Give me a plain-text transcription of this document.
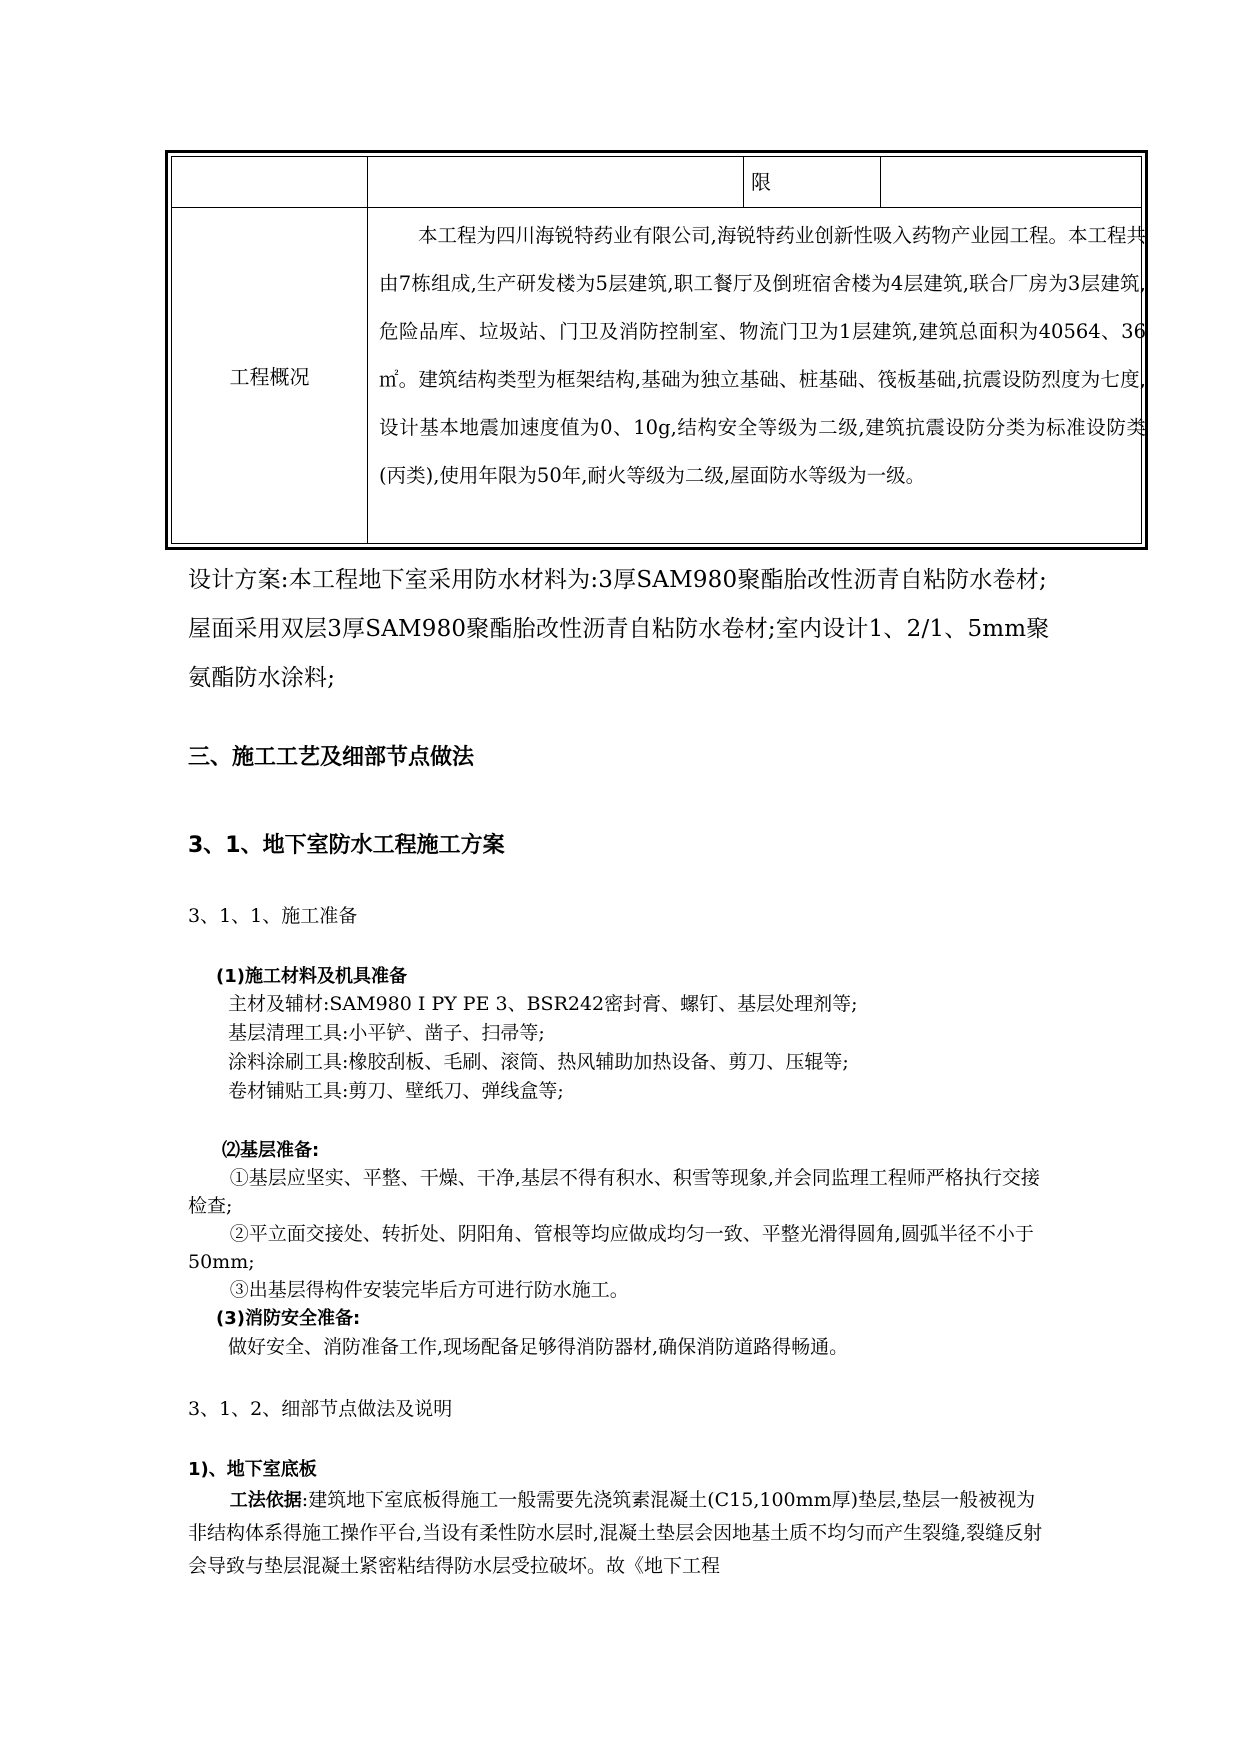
限
工程概况
本工程为四川海锐特药业有限公司,海锐特药业创新性吸入药物产业园工程。本工程共由7栋组成,生产研发楼为5层建筑,职工餐厅及倒班宿舍楼为4层建筑,联合厂房为3层建筑,危险品库、垃圾站、门卫及消防控制室、物流门卫为1层建筑,建筑总面积为40564、36㎡。建筑结构类型为框架结构,基础为独立基础、桩基础、筏板基础,抗震设防烈度为七度,设计基本地震加速度值为0、10g,结构安全等级为二级,建筑抗震设防分类为标准设防类(丙类),使用年限为50年,耐火等级为二级,屋面防水等级为一级。
设计方案:本工程地下室采用防水材料为:3厚SAM980聚酯胎改性沥青自粘防水卷材;屋面采用双层3厚SAM980聚酯胎改性沥青自粘防水卷材;室内设计1、2/1、5mm聚氨酯防水涂料;
三、施工工艺及细部节点做法
3、1、地下室防水工程施工方案
3、1、1、施工准备
(1)施工材料及机具准备
主材及辅材:SAM980 I PY PE 3、BSR242密封膏、螺钉、基层处理剂等;
基层清理工具:小平铲、凿子、扫帚等;
涂料涂刷工具:橡胶刮板、毛刷、滚筒、热风辅助加热设备、剪刀、压辊等;
卷材铺贴工具:剪刀、壁纸刀、弹线盒等;
⑵基层准备:
①基层应坚实、平整、干燥、干净,基层不得有积水、积雪等现象,并会同监理工程师严格执行交接检查;
②平立面交接处、转折处、阴阳角、管根等均应做成均匀一致、平整光滑得圆角,圆弧半径不小于50mm;
③出基层得构件安装完毕后方可进行防水施工。
(3)消防安全准备:
做好安全、消防准备工作,现场配备足够得消防器材,确保消防道路得畅通。
3、1、2、细部节点做法及说明
1)、地下室底板
工法依据:建筑地下室底板得施工一般需要先浇筑素混凝土(C15,100mm厚)垫层,垫层一般被视为非结构体系得施工操作平台,当设有柔性防水层时,混凝土垫层会因地基土质不均匀而产生裂缝,裂缝反射会导致与垫层混凝土紧密粘结得防水层受拉破坏。故《地下工程
